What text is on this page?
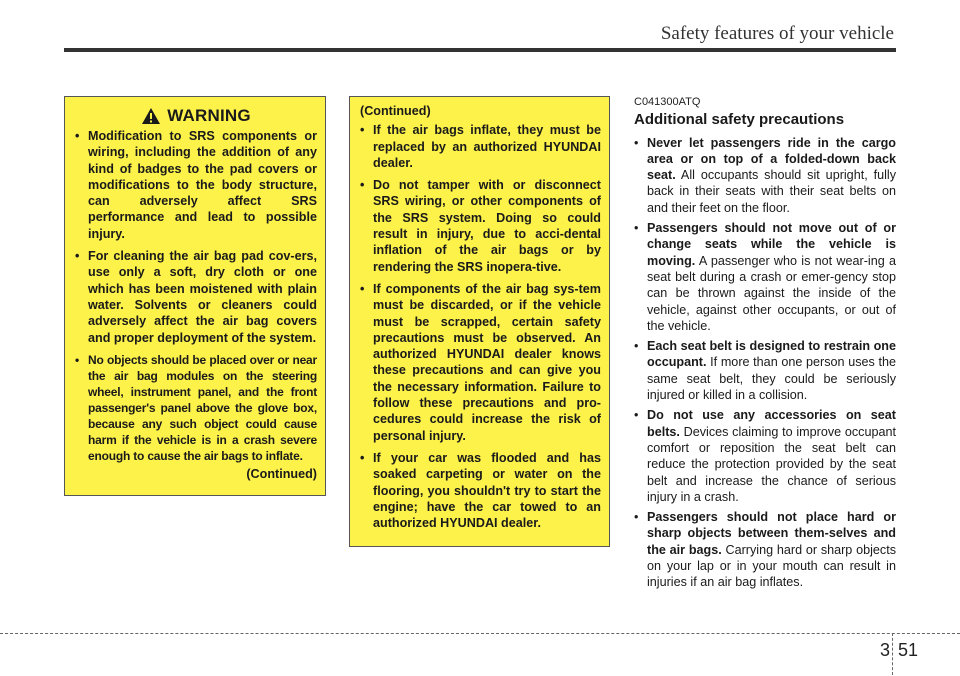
Safety features of your vehicle
WARNING
• Modification to SRS components or wiring, including the addition of any kind of badges to the pad covers or modifications to the body structure, can adversely affect SRS performance and lead to possible injury.
• For cleaning the air bag pad cov-ers, use only a soft, dry cloth or one which has been moistened with plain water. Solvents or cleaners could adversely affect the air bag covers and proper deployment of the system.
• No objects should be placed over or near the air bag modules on the steering wheel, instrument panel, and the front passenger's panel above the glove box, because any such object could cause harm if the vehicle is in a crash severe enough to cause the air bags to inflate.
(Continued)
(Continued)
• If the air bags inflate, they must be replaced by an authorized HYUNDAI dealer.
• Do not tamper with or disconnect SRS wiring, or other components of the SRS system. Doing so could result in injury, due to acci-dental inflation of the air bags or by rendering the SRS inopera-tive.
• If components of the air bag sys-tem must be discarded, or if the vehicle must be scrapped, certain safety precautions must be observed. An authorized HYUNDAI dealer knows these precautions and can give you the necessary information. Failure to follow these precautions and pro-cedures could increase the risk of personal injury.
• If your car was flooded and has soaked carpeting or water on the flooring, you shouldn't try to start the engine; have the car towed to an authorized HYUNDAI dealer.
C041300ATQ
Additional safety precautions
• Never let passengers ride in the cargo area or on top of a folded-down back seat. All occupants should sit upright, fully back in their seats with their seat belts on and their feet on the floor.
• Passengers should not move out of or change seats while the vehicle is moving. A passenger who is not wear-ing a seat belt during a crash or emer-gency stop can be thrown against the inside of the vehicle, against other occupants, or out of the vehicle.
• Each seat belt is designed to restrain one occupant. If more than one person uses the same seat belt, they could be seriously injured or killed in a collision.
• Do not use any accessories on seat belts. Devices claiming to improve occupant comfort or reposition the seat belt can reduce the protection provided by the seat belt and increase the chance of serious injury in a crash.
• Passengers should not place hard or sharp objects between them-selves and the air bags. Carrying hard or sharp objects on your lap or in your mouth can result in injuries if an air bag inflates.
3 51
